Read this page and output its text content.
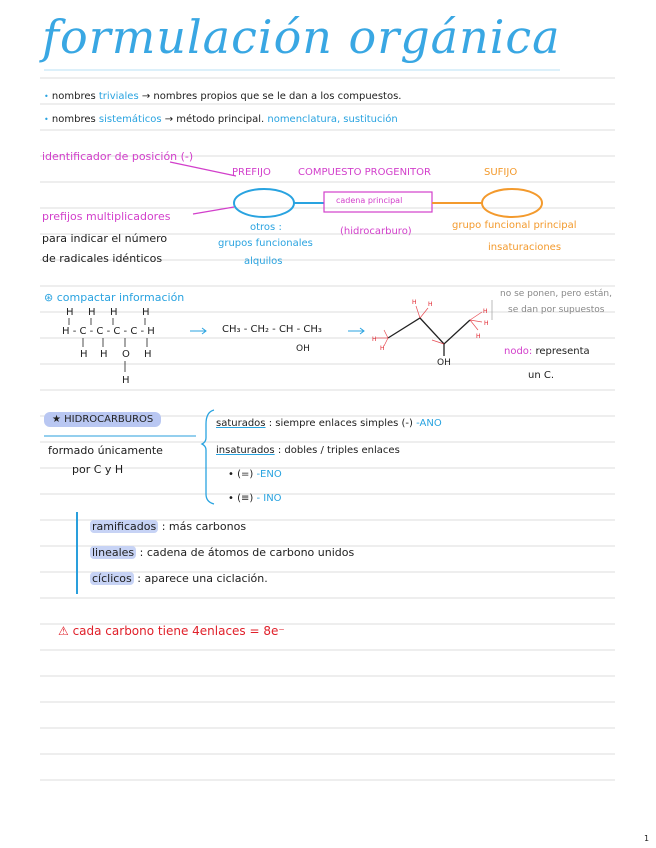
formulación orgánica
• nombres triviales → nombres propios que se le dan a los compuestos.
• nombres sistemáticos → método principal. nomenclatura, sustitución
identificador de posición (-)
PREFIJO	COMPUESTO PROGENITOR	SUFIJO
cadena principal
prefijos multiplicadores
para indicar el número
de radicales idénticos
otros :
grupos funcionales
alquilos
(hidrocarburo)
grupo funcional principal
insaturaciones
⊛ compactar información	no se ponen, pero están,
se dan por supuestos
H H H H
H - C - C - C - C - H
H H O H
H
H
H
H H
H
H
H
CH₃ - CH₂ - CH - CH₃
OH
OH
nodo: representa
un C.
★ HIDROCARBUROS
formado únicamente
por C y H
saturados : siempre enlaces simples (-) -ANO
insaturados : dobles / triples enlaces
• (=) -ENO
• (≡) - INO
ramificados : más carbonos
lineales : cadena de átomos de carbono unidos
cíclicos : aparece una ciclación.
⚠ cada carbono tiene 4enlaces = 8e⁻
1
